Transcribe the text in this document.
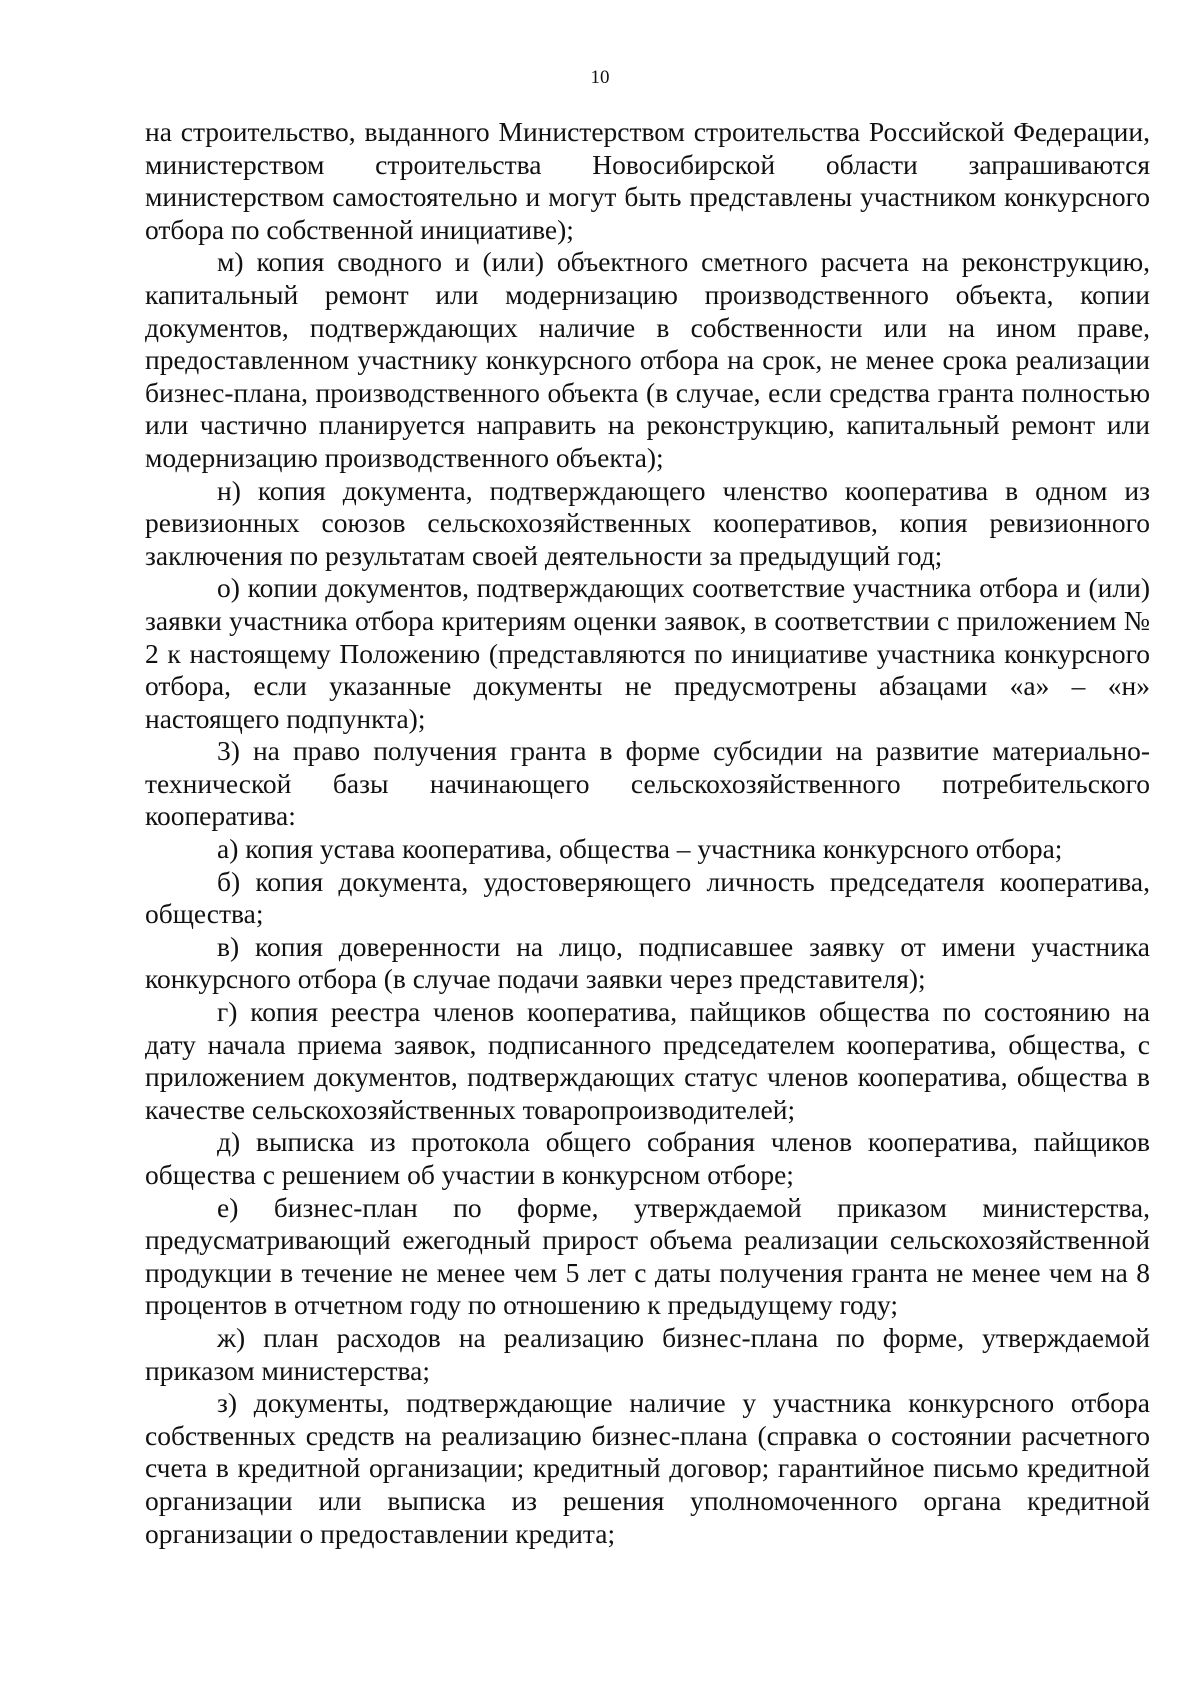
10

на строительство, выданного Министерством строительства Российской Федерации, министерством строительства Новосибирской области запрашиваются министерством самостоятельно и могут быть представлены участником конкурсного отбора по собственной инициативе);

м) копия сводного и (или) объектного сметного расчета на реконструкцию, капитальный ремонт или модернизацию производственного объекта, копии документов, подтверждающих наличие в собственности или на ином праве, предоставленном участнику конкурсного отбора на срок, не менее срока реализации бизнес-плана, производственного объекта (в случае, если средства гранта полностью или частично планируется направить на реконструкцию, капитальный ремонт или модернизацию производственного объекта);

н) копия документа, подтверждающего членство кооператива в одном из ревизионных союзов сельскохозяйственных кооперативов, копия ревизионного заключения по результатам своей деятельности за предыдущий год;

о) копии документов, подтверждающих соответствие участника отбора и (или) заявки участника отбора критериям оценки заявок, в соответствии с приложением № 2 к настоящему Положению (представляются по инициативе участника конкурсного отбора, если указанные документы не предусмотрены абзацами «а» – «н» настоящего подпункта);

3) на право получения гранта в форме субсидии на развитие материально-технической базы начинающего сельскохозяйственного потребительского кооператива:

а) копия устава кооператива, общества – участника конкурсного отбора;

б) копия документа, удостоверяющего личность председателя кооператива, общества;

в) копия доверенности на лицо, подписавшее заявку от имени участника конкурсного отбора (в случае подачи заявки через представителя);

г) копия реестра членов кооператива, пайщиков общества по состоянию на дату начала приема заявок, подписанного председателем кооператива, общества, с приложением документов, подтверждающих статус членов кооператива, общества в качестве сельскохозяйственных товаропроизводителей;

д) выписка из протокола общего собрания членов кооператива, пайщиков общества с решением об участии в конкурсном отборе;

е) бизнес-план по форме, утверждаемой приказом министерства, предусматривающий ежегодный прирост объема реализации сельскохозяйственной продукции в течение не менее чем 5 лет с даты получения гранта не менее чем на 8 процентов в отчетном году по отношению к предыдущему году;

ж) план расходов на реализацию бизнес-плана по форме, утверждаемой приказом министерства;

з) документы, подтверждающие наличие у участника конкурсного отбора собственных средств на реализацию бизнес-плана (справка о состоянии расчетного счета в кредитной организации; кредитный договор; гарантийное письмо кредитной организации или выписка из решения уполномоченного органа кредитной организации о предоставлении кредита;
